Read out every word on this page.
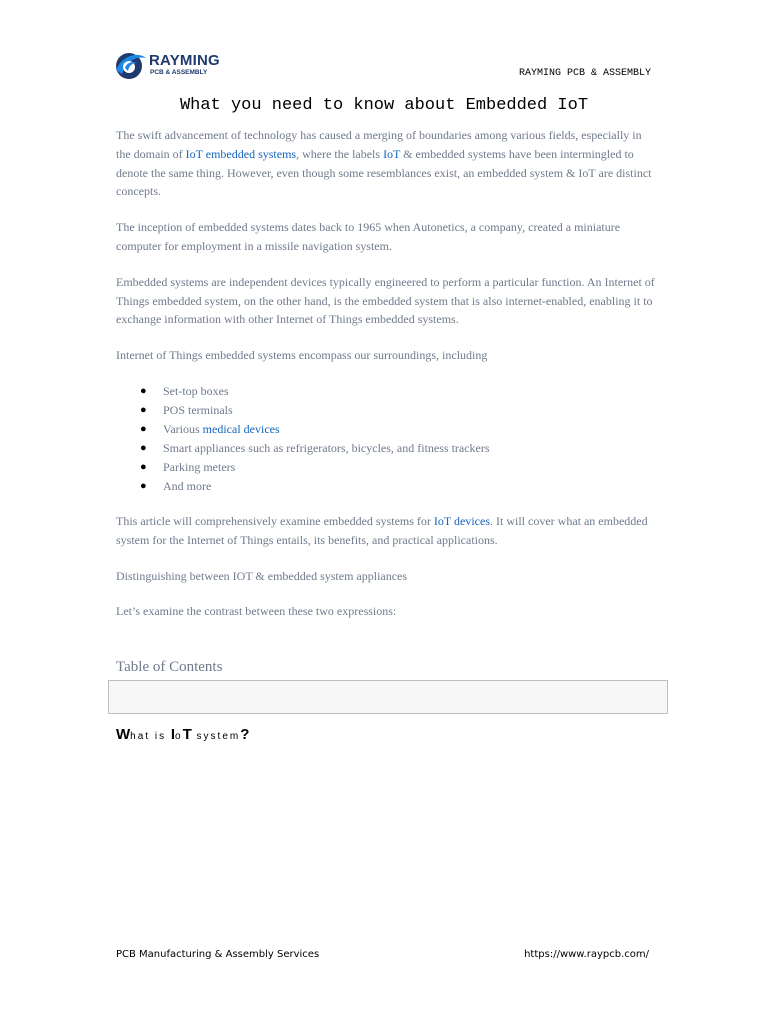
RAYMING
PCB & ASSEMBLY	RAYMING PCB & ASSEMBLY
What you need to know about Embedded IoT

The swift advancement of technology has caused a merging of boundaries among various fields, especially in the domain of IoT embedded systems, where the labels IoT & embedded systems have been intermingled to denote the same thing. However, even though some resemblances exist, an embedded system & IoT are distinct concepts.

The inception of embedded systems dates back to 1965 when Autonetics, a company, created a miniature computer for employment in a missile navigation system.

Embedded systems are independent devices typically engineered to perform a particular function. An Internet of Things embedded system, on the other hand, is the embedded system that is also internet-enabled, enabling it to exchange information with other Internet of Things embedded systems.

Internet of Things embedded systems encompass our surroundings, including

● Set-top boxes
● POS terminals
● Various medical devices
● Smart appliances such as refrigerators, bicycles, and fitness trackers
● Parking meters
● And more

This article will comprehensively examine embedded systems for IoT devices. It will cover what an embedded system for the Internet of Things entails, its benefits, and practical applications.

Distinguishing between IOT & embedded system appliances

Let’s examine the contrast between these two expressions:

Table of Contents
What is IoT system?
PCB Manufacturing & Assembly Services	https://www.raypcb.com/
